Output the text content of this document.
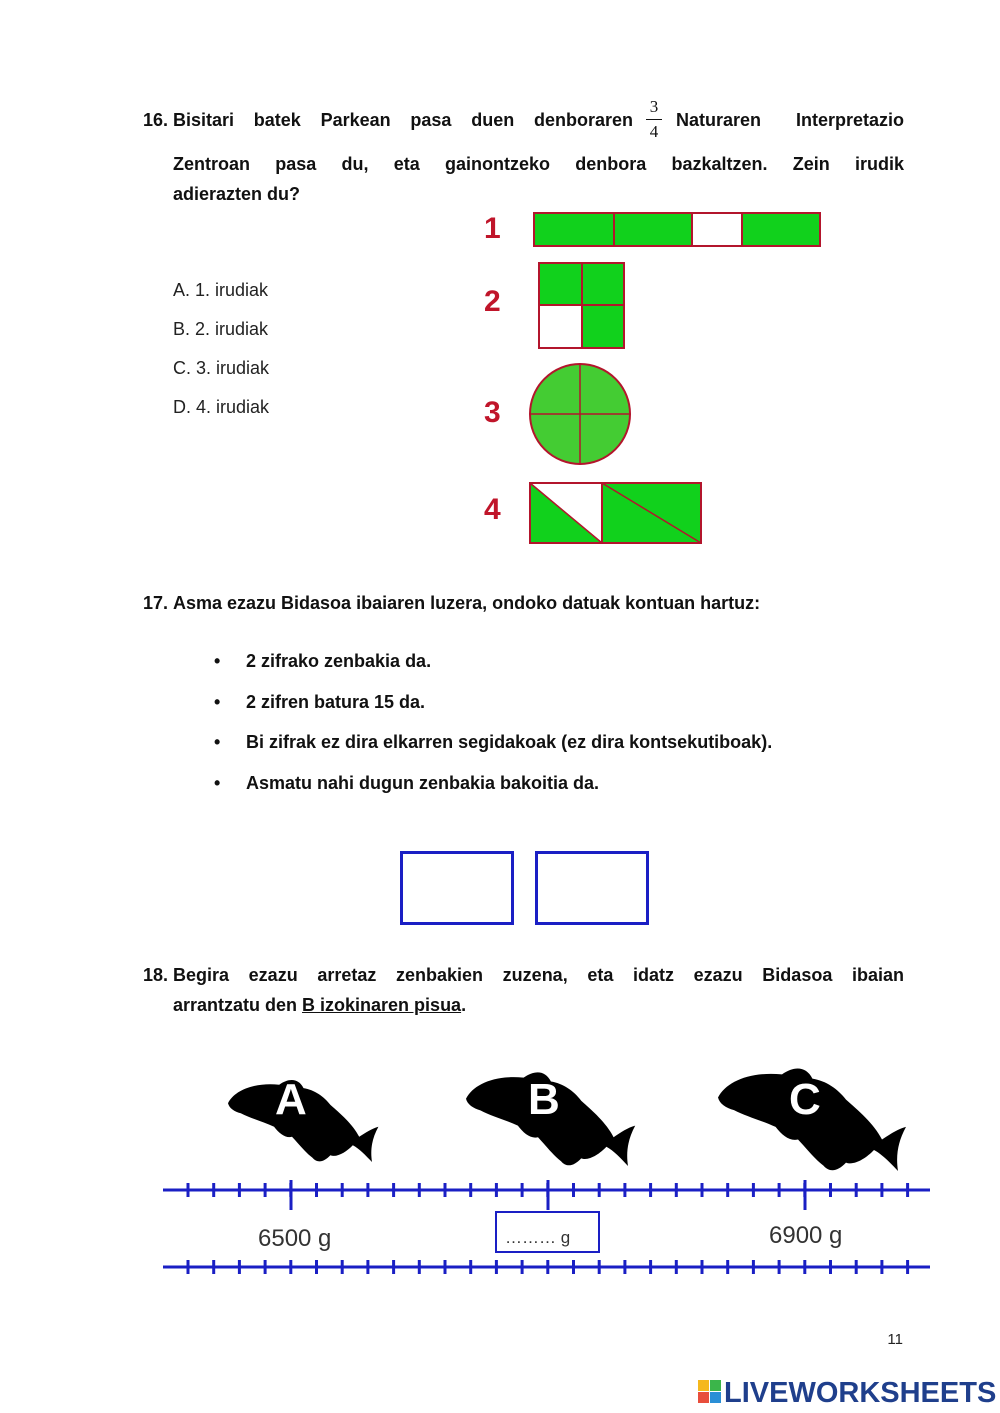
16. Bisitari batek Parkean pasa duen denboraren
3
4
Naturaren Interpretazio
Zentroan pasa du, eta gainontzeko denbora bazkaltzen. Zein irudik
adierazten du?
A. 1. irudiak
B. 2. irudiak
C. 3. irudiak
D. 4. irudiak
1
2
3
4
17. Asma ezazu Bidasoa ibaiaren luzera, ondoko datuak kontuan hartuz:
• 2 zifrako zenbakia da.
• 2 zifren batura 15 da.
• Bi zifrak ez dira elkarren segidakoak (ez dira kontsekutiboak).
• Asmatu nahi dugun zenbakia bakoitia da.
18. Begira ezazu arretaz zenbakien zuzena, eta idatz ezazu Bidasoa ibaian
arrantzatu den B izokinaren pisua.
A	B	C
6500 g	6900 g
……… g
11
LIVEWORKSHEETS
